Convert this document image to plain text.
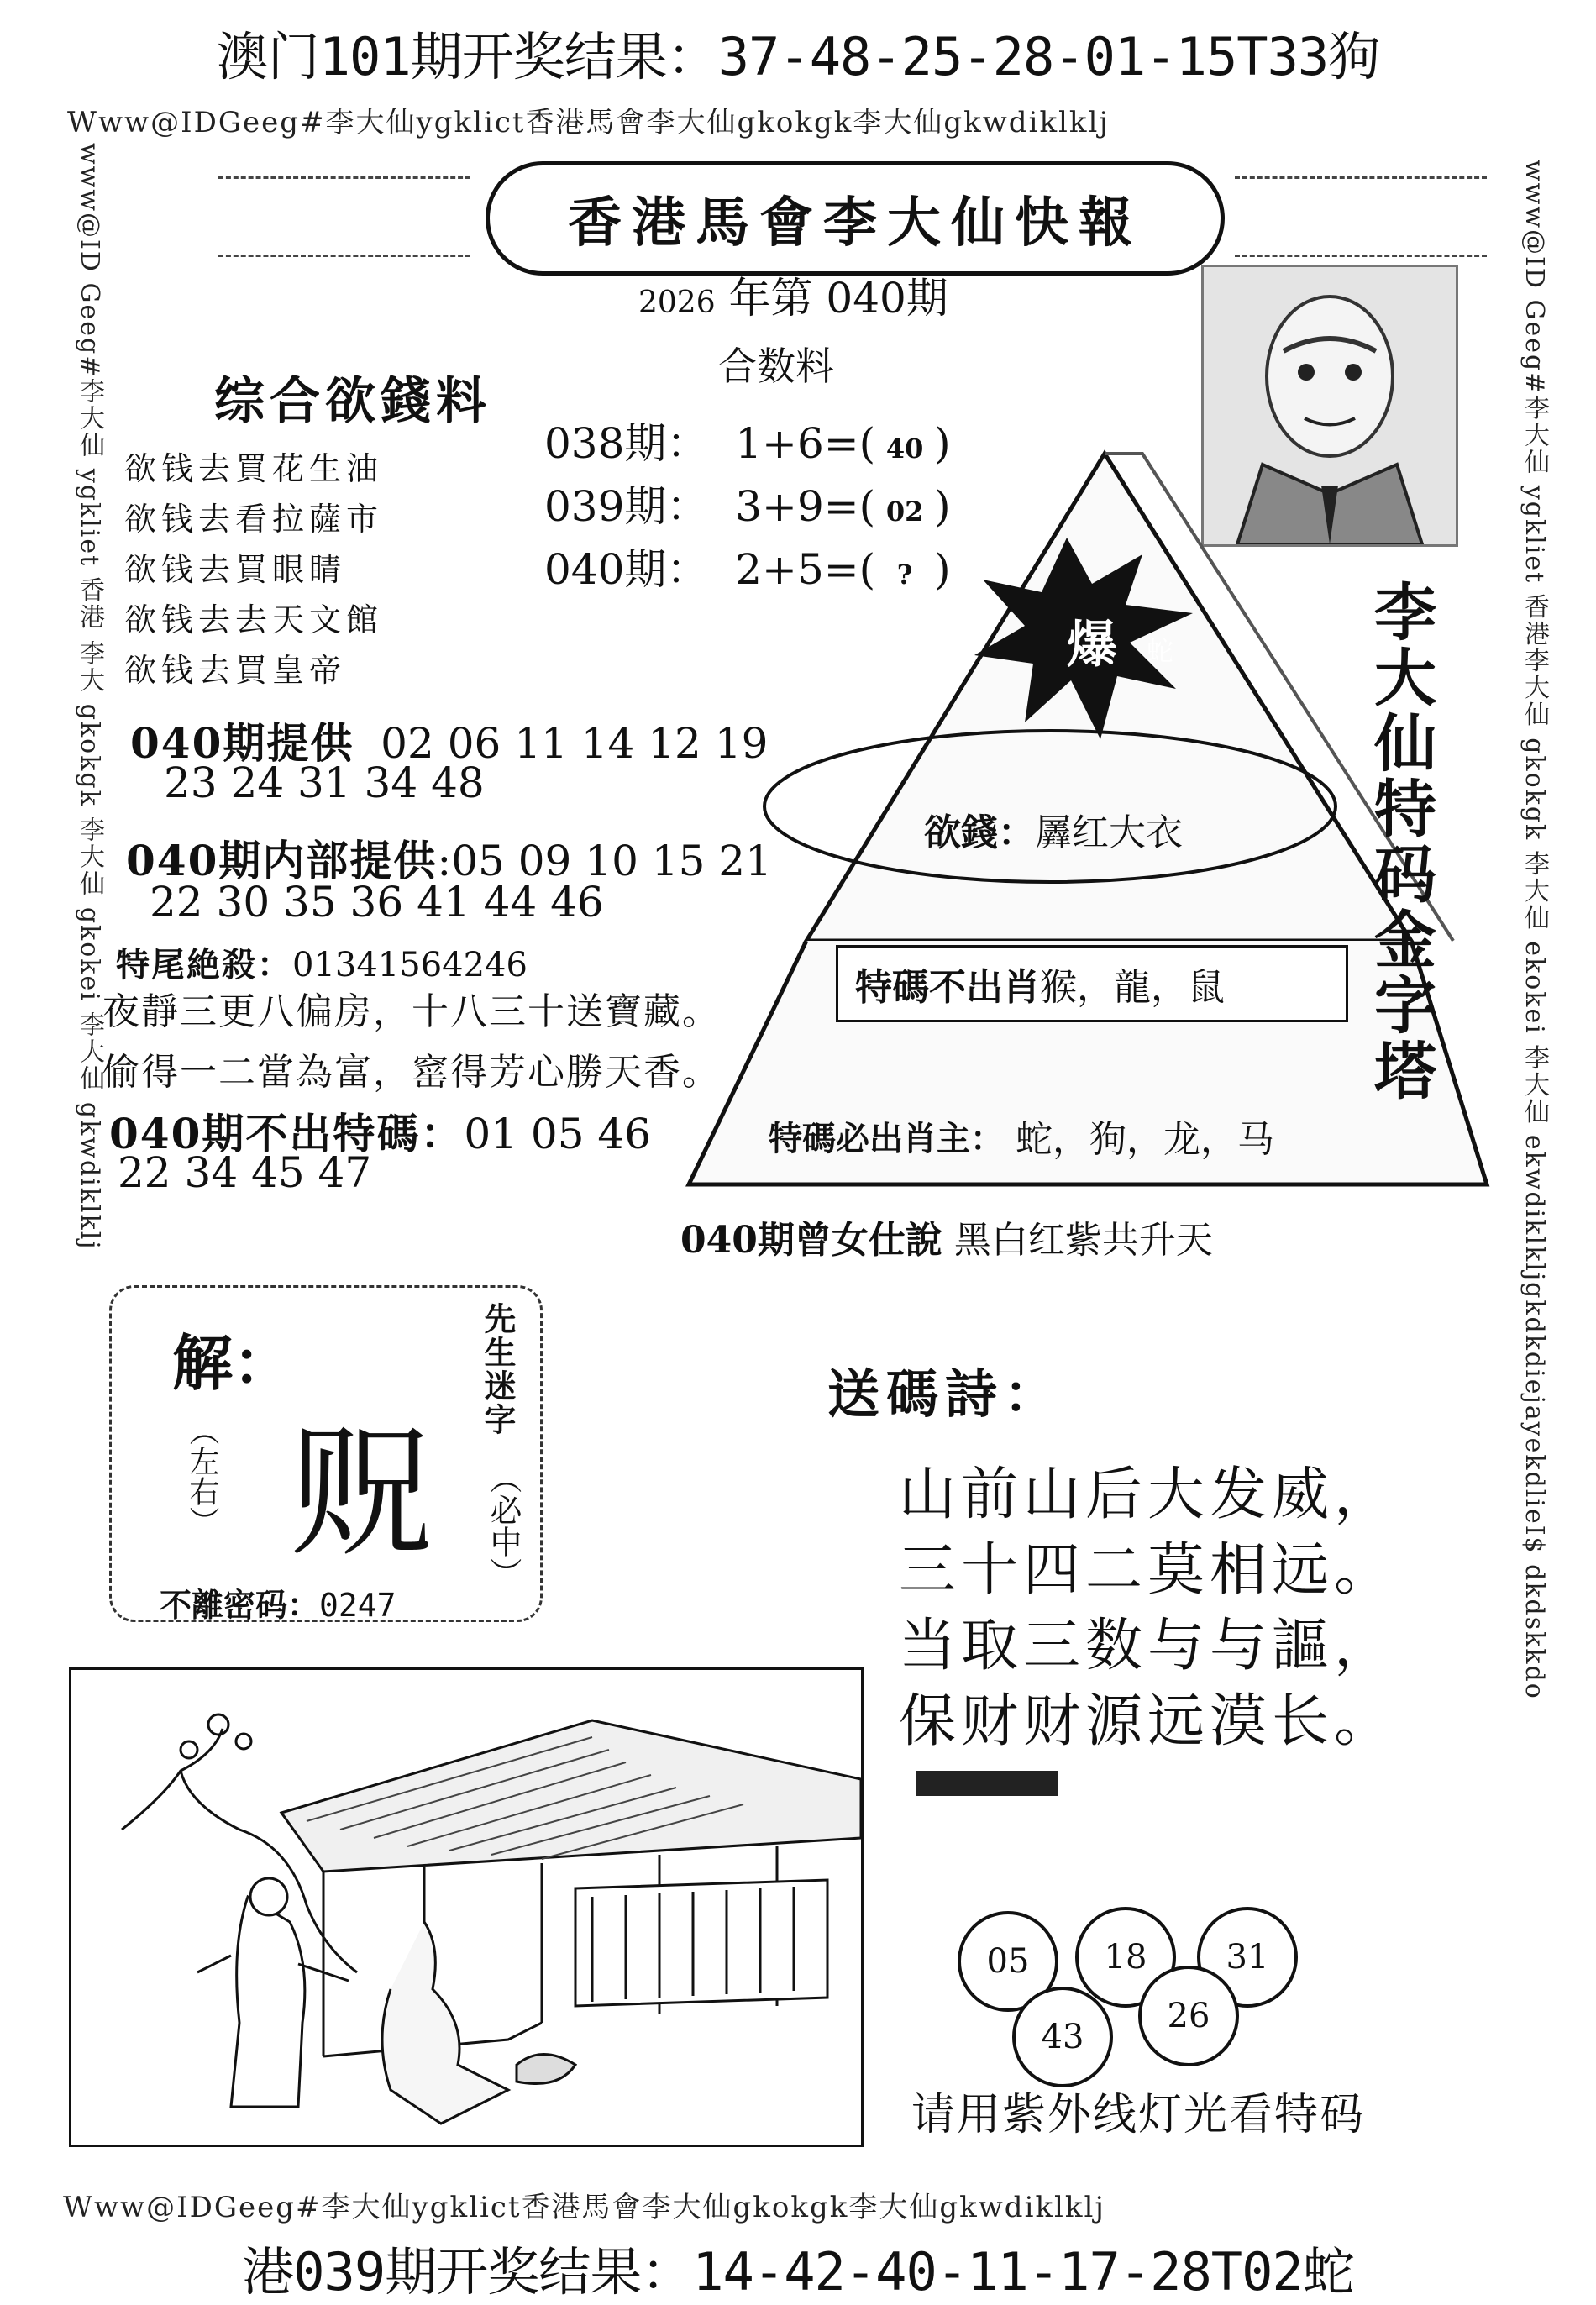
澳门101期开奖结果：37-48-25-28-01-15T33狗
Www@IDGeeg#李大仙ygklict香港馬會李大仙gkokgk李大仙gkwdiklklj
www@ID Geeg#李大仙 ygkliet 香港 李大 gkokgk 李大仙 gkokei 李大仙 gkwdiklklj	www@ID Geeg#李大仙 ygkliet 香港李大仙 gkokgk 李大仙 ekokei 李大仙 ekwdiklkljgkdkdiejayekdlieI$ dkdskkdo
Www@IDGeeg#李大仙ygklict香港馬會李大仙gkokgk李大仙gkwdiklklj
香港馬會李大仙快報
2026 年第 040期
合数料
038期： 1+6=( 40 )
039期： 3+9=( 02 )
040期： 2+5=( ? )
综合欲錢料
欲钱去買花生油
欲钱去看拉薩市
欲钱去買眼睛
欲钱去去天文館
欲钱去買皇帝
040期提供 02 06 11 14 12 19
23 24 31 34 48
040期内部提供:05 09 10 15 21
22 30 35 36 41 44 46
特尾絶殺：01341564246
夜靜三更八偏房，十八三十送寶藏。
偷得一二當為富，窰得芳心勝天香。
040期不出特碼：01 05 46
22 34 45 47
爆 蛇
欲錢：羼红大衣
特碼不出肖 猴，龍，鼠
特碼必出肖主：
蛇，狗，龙，马
李大仙特码金字塔
040期曾女仕說 黑白红紫共升天
解：
（左右） 贶
先生迷字
（必中）
不離密码：0247
送碼詩：
山前山后大发威，
三十四二莫相远。
当取三数与与謳，
保财财源远漠长。
05	18	31
43
26
请用紫外线灯光看特码
港039期开奖结果：14-42-40-11-17-28T02蛇
